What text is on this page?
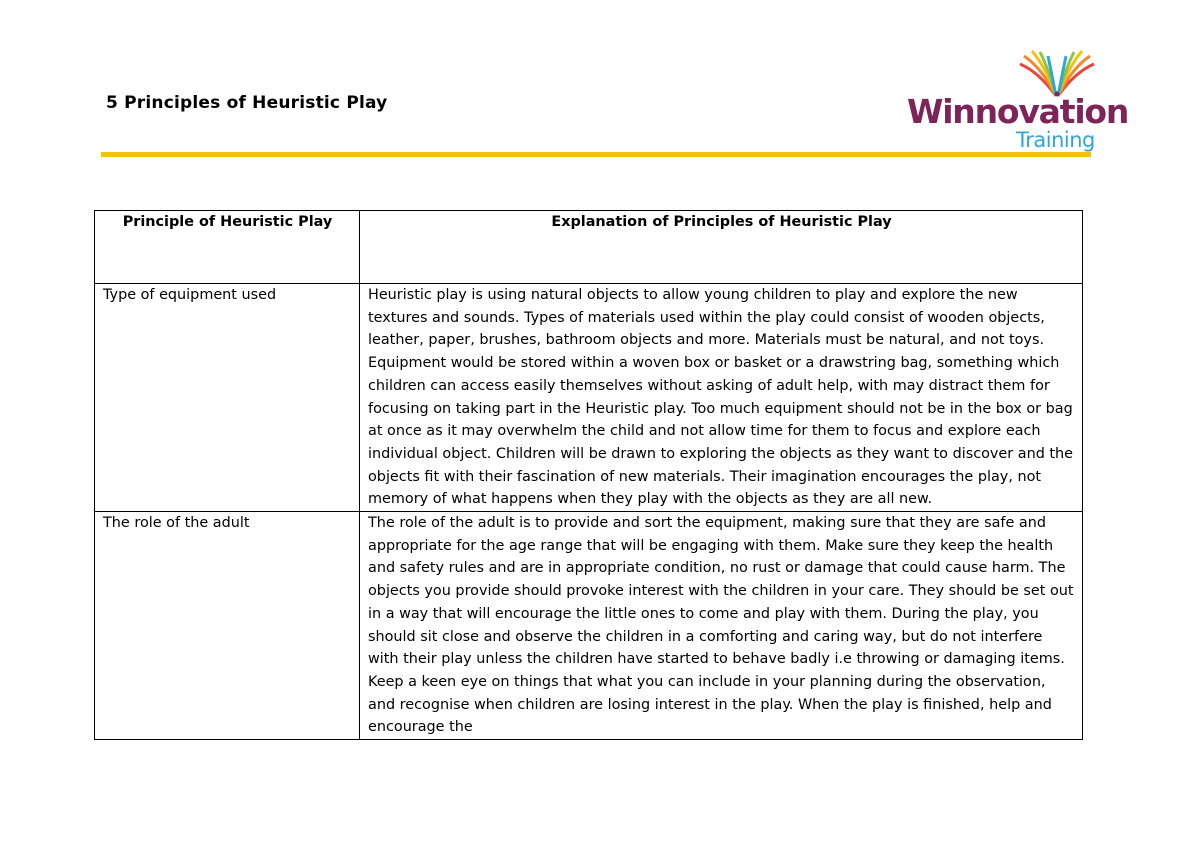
5 Principles of Heuristic Play	Winnovation
Training
Principle of Heuristic Play	Explanation of Principles of Heuristic Play
Type of equipment used	Heuristic play is using natural objects to allow young children to play and explore the new textures and sounds. Types of materials used within the play could consist of wooden objects, leather, paper, brushes, bathroom objects and more. Materials must be natural, and not toys. Equipment would be stored within a woven box or basket or a drawstring bag, something which children can access easily themselves without asking of adult help, with may distract them for focusing on taking part in the Heuristic play. Too much equipment should not be in the box or bag at once as it may overwhelm the child and not allow time for them to focus and explore each individual object. Children will be drawn to exploring the objects as they want to discover and the objects fit with their fascination of new materials. Their imagination encourages the play, not memory of what happens when they play with the objects as they are all new.
The role of the adult	The role of the adult is to provide and sort the equipment, making sure that they are safe and appropriate for the age range that will be engaging with them. Make sure they keep the health and safety rules and are in appropriate condition, no rust or damage that could cause harm. The objects you provide should provoke interest with the children in your care. They should be set out in a way that will encourage the little ones to come and play with them. During the play, you should sit close and observe the children in a comforting and caring way, but do not interfere with their play unless the children have started to behave badly i.e throwing or damaging items. Keep a keen eye on things that what you can include in your planning during the observation, and recognise when children are losing interest in the play. When the play is finished, help and encourage the
